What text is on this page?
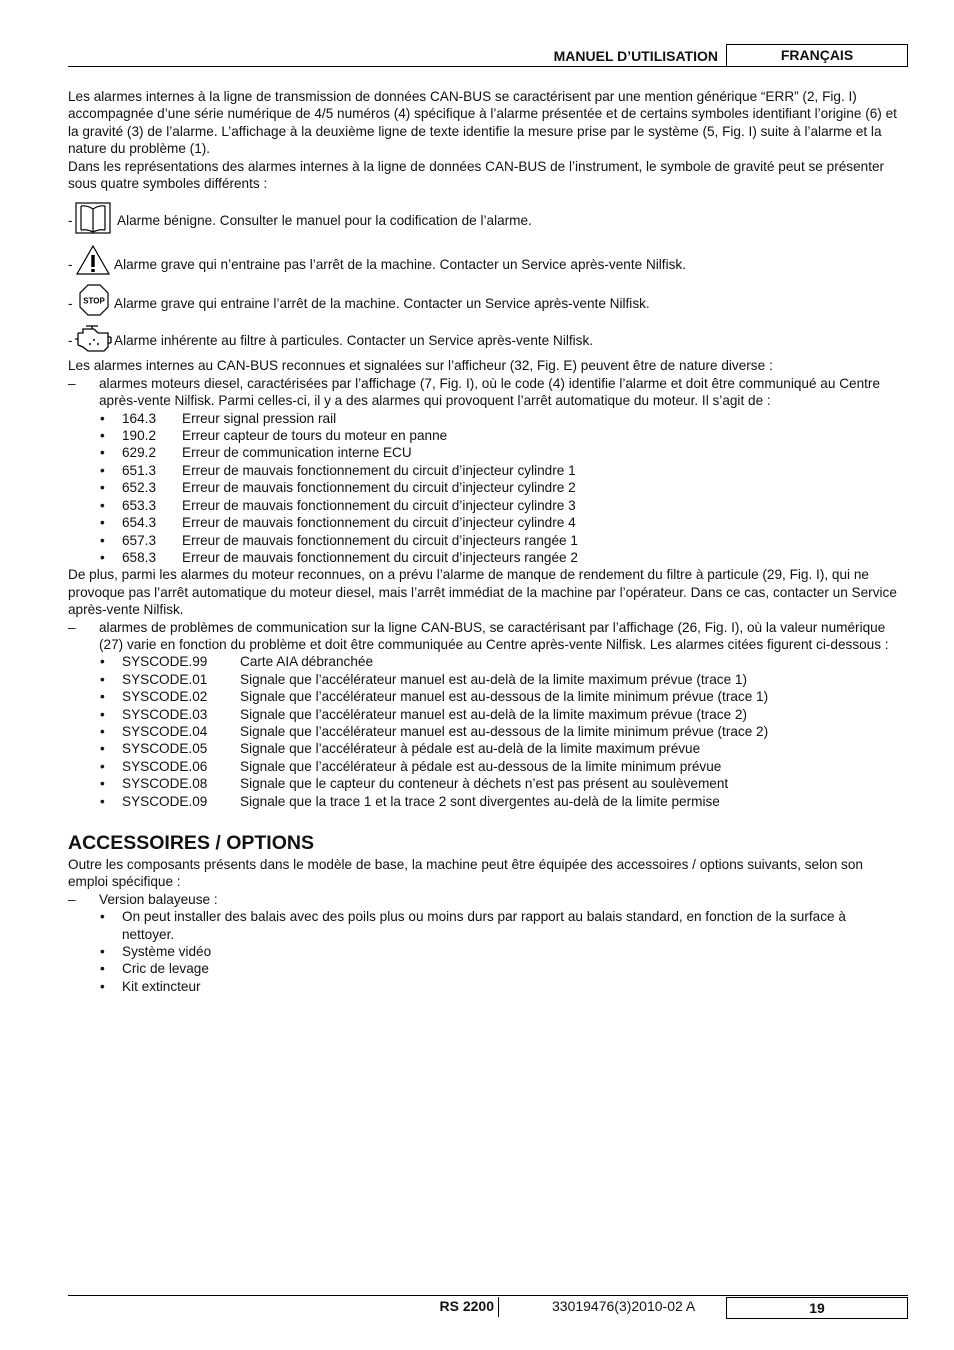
MANUEL D’UTILISATION	FRANÇAIS

Les alarmes internes à la ligne de transmission de données CAN-BUS se caractérisent par une mention générique “ERR” (2, Fig. I) accompagnée d’une série numérique de 4/5 numéros (4) spécifique à l’alarme présentée et de certains symboles identifiant l’origine (6) et la gravité (3) de l’alarme. L’affichage à la deuxième ligne de texte identifie la mesure prise par le système (5, Fig. I) suite à l’alarme et la nature du problème (1).

Dans les représentations des alarmes internes à la ligne de données CAN-BUS de l’instrument, le symbole de gravité peut se présenter sous quatre symboles différents :

-	Alarme bénigne. Consulter le manuel pour la codification de l’alarme.
-	Alarme grave qui n’entraine pas l’arrêt de la machine. Contacter un Service après-vente Nilfisk.
- STOP Alarme grave qui entraine l’arrêt de la machine. Contacter un Service après-vente Nilfisk.
-	Alarme inhérente au filtre à particules. Contacter un Service après-vente Nilfisk.

Les alarmes internes au CAN-BUS reconnues et signalées sur l’afficheur (32, Fig. E) peuvent être de nature diverse :

– alarmes moteurs diesel, caractérisées par l’affichage (7, Fig. I), où le code (4) identifie l’alarme et doit être communiqué au Centre après-vente Nilfisk. Parmi celles-ci, il y a des alarmes qui provoquent l’arrêt automatique du moteur. Il s’agit de :
• 164.3 Erreur signal pression rail
• 190.2 Erreur capteur de tours du moteur en panne
• 629.2 Erreur de communication interne ECU
• 651.3 Erreur de mauvais fonctionnement du circuit d’injecteur cylindre 1
• 652.3 Erreur de mauvais fonctionnement du circuit d’injecteur cylindre 2
• 653.3 Erreur de mauvais fonctionnement du circuit d’injecteur cylindre 3
• 654.3 Erreur de mauvais fonctionnement du circuit d’injecteur cylindre 4
• 657.3 Erreur de mauvais fonctionnement du circuit d’injecteurs rangée 1
• 658.3 Erreur de mauvais fonctionnement du circuit d’injecteurs rangée 2

De plus, parmi les alarmes du moteur reconnues, on a prévu l’alarme de manque de rendement du filtre à particule (29, Fig. I), qui ne provoque pas l’arrêt automatique du moteur diesel, mais l’arrêt immédiat de la machine par l’opérateur. Dans ce cas, contacter un Service après-vente Nilfisk.

– alarmes de problèmes de communication sur la ligne CAN-BUS, se caractérisant par l’affichage (26, Fig. I), où la valeur numérique (27) varie en fonction du problème et doit être communiquée au Centre après-vente Nilfisk. Les alarmes citées figurent ci-dessous :
• SYSCODE.99 Carte AIA débranchée
• SYSCODE.01 Signale que l’accélérateur manuel est au-delà de la limite maximum prévue (trace 1)
• SYSCODE.02 Signale que l’accélérateur manuel est au-dessous de la limite minimum prévue (trace 1)
• SYSCODE.03 Signale que l’accélérateur manuel est au-delà de la limite maximum prévue (trace 2)
• SYSCODE.04 Signale que l’accélérateur manuel est au-dessous de la limite minimum prévue (trace 2)
• SYSCODE.05 Signale que l’accélérateur à pédale est au-delà de la limite maximum prévue
• SYSCODE.06 Signale que l’accélérateur à pédale est au-dessous de la limite minimum prévue
• SYSCODE.08 Signale que le capteur du conteneur à déchets n’est pas présent au soulèvement
• SYSCODE.09 Signale que la trace 1 et la trace 2 sont divergentes au-delà de la limite permise
ACCESSOIRES / OPTIONS

Outre les composants présents dans le modèle de base, la machine peut être équipée des accessoires / options suivants, selon son emploi spécifique :

– Version balayeuse :
• On peut installer des balais avec des poils plus ou moins durs par rapport au balais standard, en fonction de la surface à nettoyer.
• Système vidéo
• Cric de levage
• Kit extincteur
RS 2200	33019476(3)2010-02 A	19
